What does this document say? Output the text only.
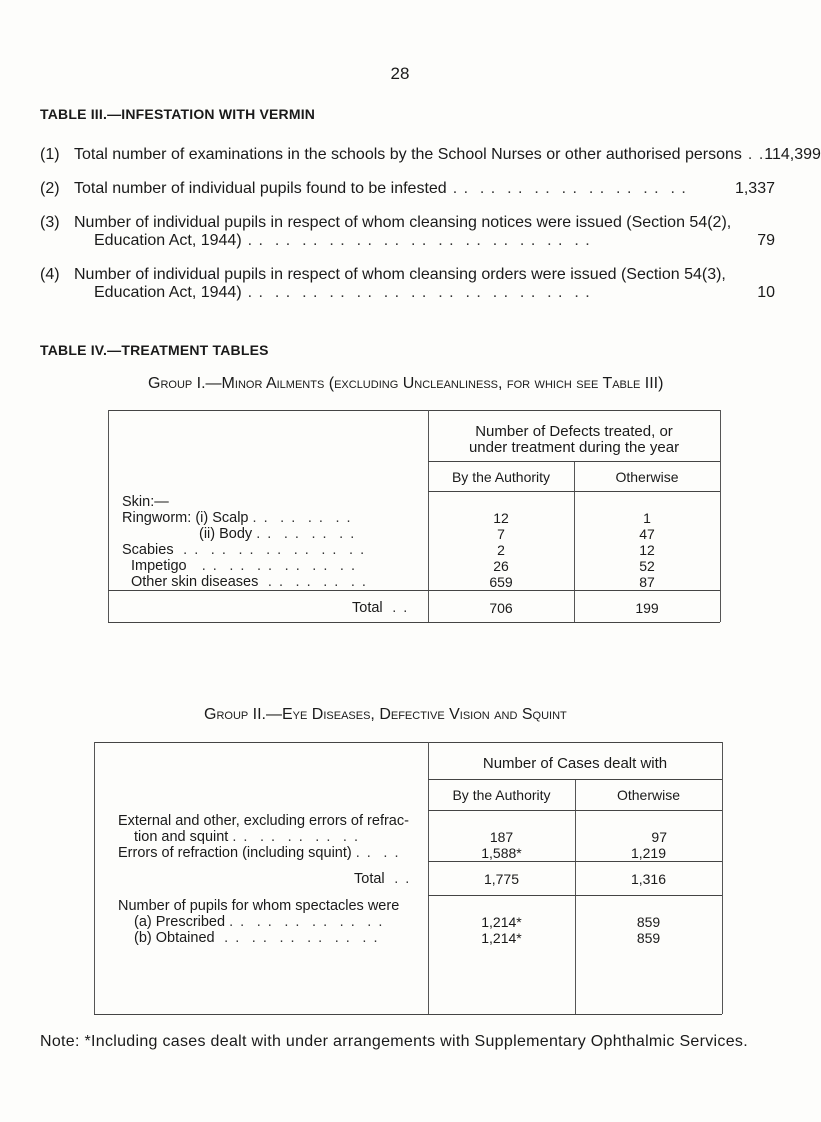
28
TABLE III.—INFESTATION WITH VERMIN
(1) Total number of examinations in the schools by the School Nurses or other authorised persons . . 114,399
(2) Total number of individual pupils found to be infested . .  . .  . .  . .  . .  . .  . .  . .  . .	1,337
(3) Number of individual pupils in respect of whom cleansing notices were issued (Section 54(2),
Education Act, 1944) . .  . .  . .  . .  . .  . .  . .  . .  . .  . .  . .  . .  . .	79
(4) Number of individual pupils in respect of whom cleansing orders were issued (Section 54(3),
Education Act, 1944) . .  . .  . .  . .  . .  . .  . .  . .  . .  . .  . .  . .  . .	10
TABLE IV.—TREATMENT TABLES
Group I.—Minor Ailments (excluding Uncleanliness, for which see Table III)
Number of Defects treated, or
under treatment during the year
By the Authority	Otherwise
Skin:—
Ringworm: (i) Scalp . .  . .  . .  . .	12	1
(ii) Body . .  . .  . .  . .	7	47
Scabies  . .  . .  . .  . .  . .  . .  . .	2	12
Impetigo   . .  . .  . .  . .  . .  . .	26	52
Other skin diseases  . .  . .  . .  . .	659	87
Total  . .	706	199
Group II.—Eye Diseases, Defective Vision and Squint
Number of Cases dealt with
By the Authority	Otherwise
External and other, excluding errors of refrac-
tion and squint . .  . .  . .  . .  . .	187	97
Errors of refraction (including squint) . .  . .	1,588*	1,219
Total  . .	1,775	1,316
Number of pupils for whom spectacles were
(a) Prescribed . .  . .  . .  . .  . .  . .	1,214*	859
(b) Obtained  . .  . .  . .  . .  . .  . .	1,214*	859
Note: *Including cases dealt with under arrangements with Supplementary Ophthalmic Services.
